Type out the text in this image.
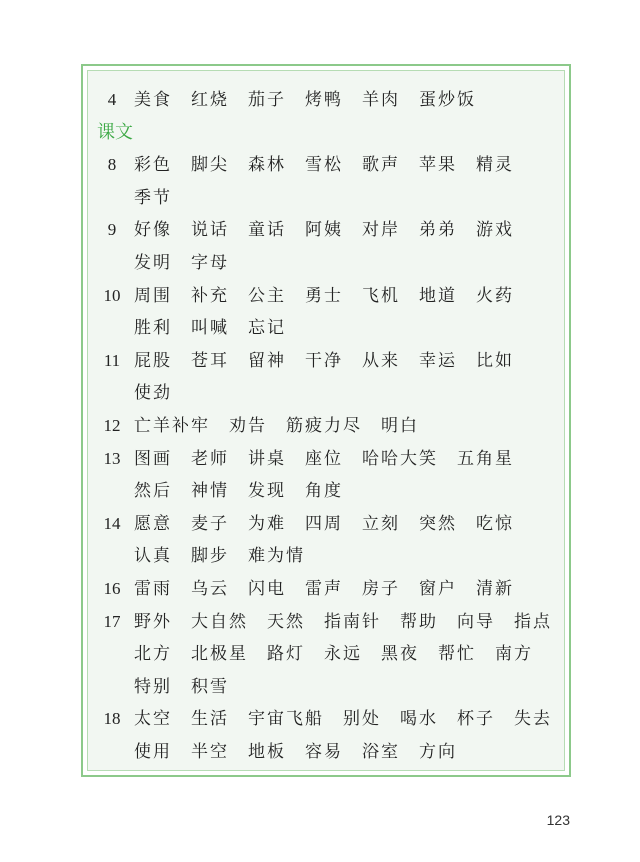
4	美食 红烧 茄子 烤鸭 羊肉 蛋炒饭
课文
8	彩色 脚尖 森林 雪松 歌声 苹果 精灵
季节
9	好像 说话 童话 阿姨 对岸 弟弟 游戏
发明 字母
10 周围 补充 公主 勇士 飞机 地道 火药
胜利 叫喊 忘记
11 屁股 苍耳 留神 干净 从来 幸运 比如
使劲
12 亡羊补牢 劝告 筋疲力尽 明白
13 图画 老师 讲桌 座位 哈哈大笑 五角星
然后 神情 发现 角度
14 愿意 麦子 为难 四周 立刻 突然 吃惊
认真 脚步 难为情
16 雷雨 乌云 闪电 雷声 房子 窗户 清新
17 野外 大自然 天然 指南针 帮助 向导 指点
北方 北极星 路灯 永远 黑夜 帮忙 南方
特别 积雪
18 太空 生活 宇宙飞船 别处 喝水 杯子 失去
使用 半空 地板 容易 浴室 方向
123
